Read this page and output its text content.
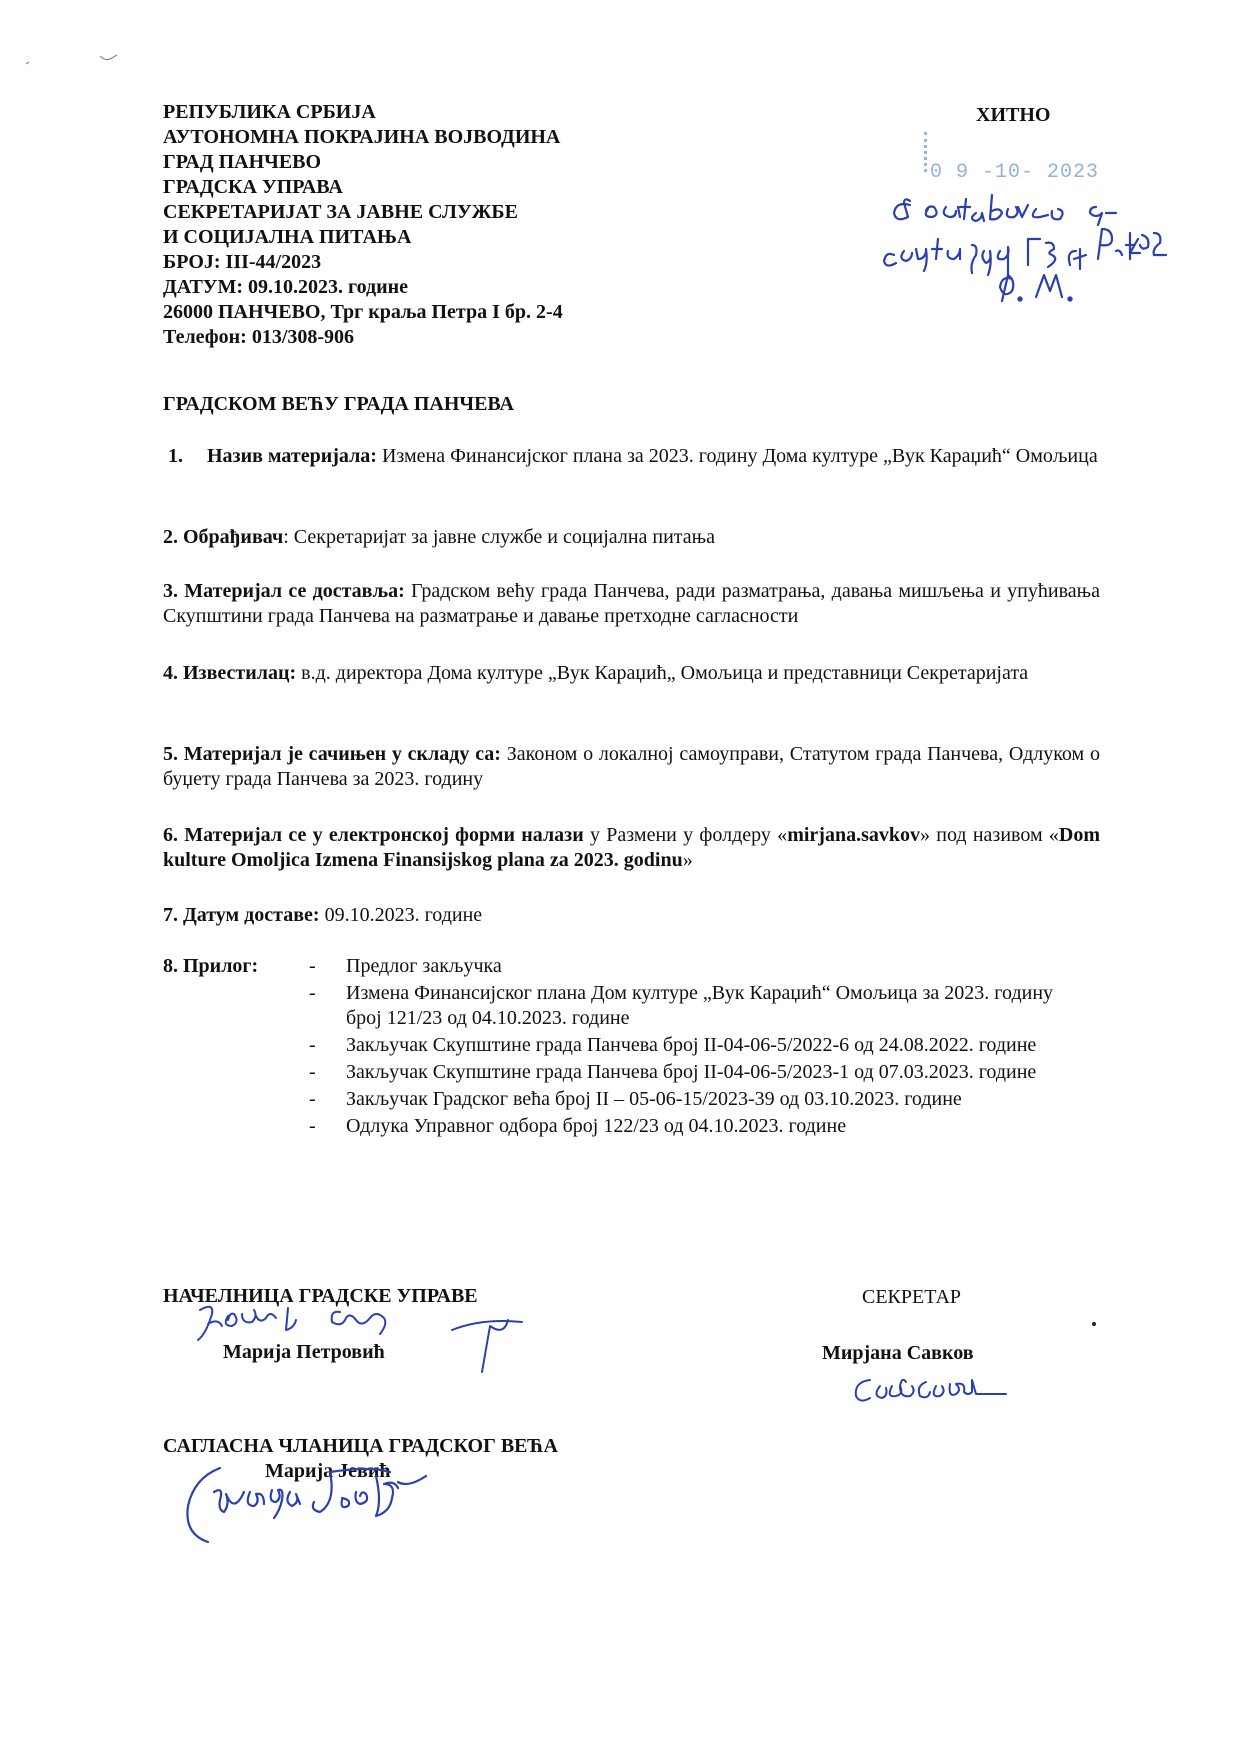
РЕПУБЛИКА СРБИЈА
АУТОНОМНА ПОКРАЈИНА ВОЈВОДИНА
ГРАД ПАНЧЕВО
ГРАДСКА УПРАВА
СЕКРЕТАРИЈАТ ЗА ЈАВНЕ СЛУЖБЕ
И СОЦИЈАЛНА ПИТАЊА
БРОЈ: III-44/2023
ДАТУМ: 09.10.2023. године
26000 ПАНЧЕВО, Трг краља Петра I бр. 2-4
Телефон: 013/308-906
ХИТНО
0 9 -10- 2023
ГРАДСКОМ ВЕЋУ ГРАДА ПАНЧЕВА
1. Назив материјала: Измена Финансијског плана за 2023. годину Дома културе „Вук Караџић“ Омољица
2. Обрађивач: Секретаријат за јавне службе и социјална питања
3. Материјал се доставља: Градском већу града Панчева, ради разматрања, давања мишљења и упућивања Скупштини града Панчева на разматрање и давање претходне сагласности
4. Известилац: в.д. директора Дома културе „Вук Караџић„ Омољица и представници Секретаријата
5. Материјал је сачињен у складу са: Законом о локалној самоуправи, Статутом града Панчева, Одлуком о буџету града Панчева за 2023. годину
6. Материјал се у електронској форми налази у Размени у фолдеру «mirjana.savkov» под називом «Dom kulture Omoljica Izmena Finansijskog plana za 2023. godinu»
7. Датум доставе: 09.10.2023. године
8. Прилог:	- Предлог закључка
- Измена Финансијског плана Дом културе „Вук Караџић“ Омољица за 2023. годину број 121/23 од 04.10.2023. године
- Закључак Скупштине града Панчева број II-04-06-5/2022-6 од 24.08.2022. године
- Закључак Скупштине града Панчева број II-04-06-5/2023-1 од 07.03.2023. године
- Закључак Градског већа број II – 05-06-15/2023-39 од 03.10.2023. године
- Одлука Управног одбора број 122/23 од 04.10.2023. године
НАЧЕЛНИЦА ГРАДСКЕ УПРАВЕ
Марија Петровић
СЕКРЕТАР
Мирјана Савков
САГЛАСНА ЧЛАНИЦА ГРАДСКОГ ВЕЋА
Марија Јевић
